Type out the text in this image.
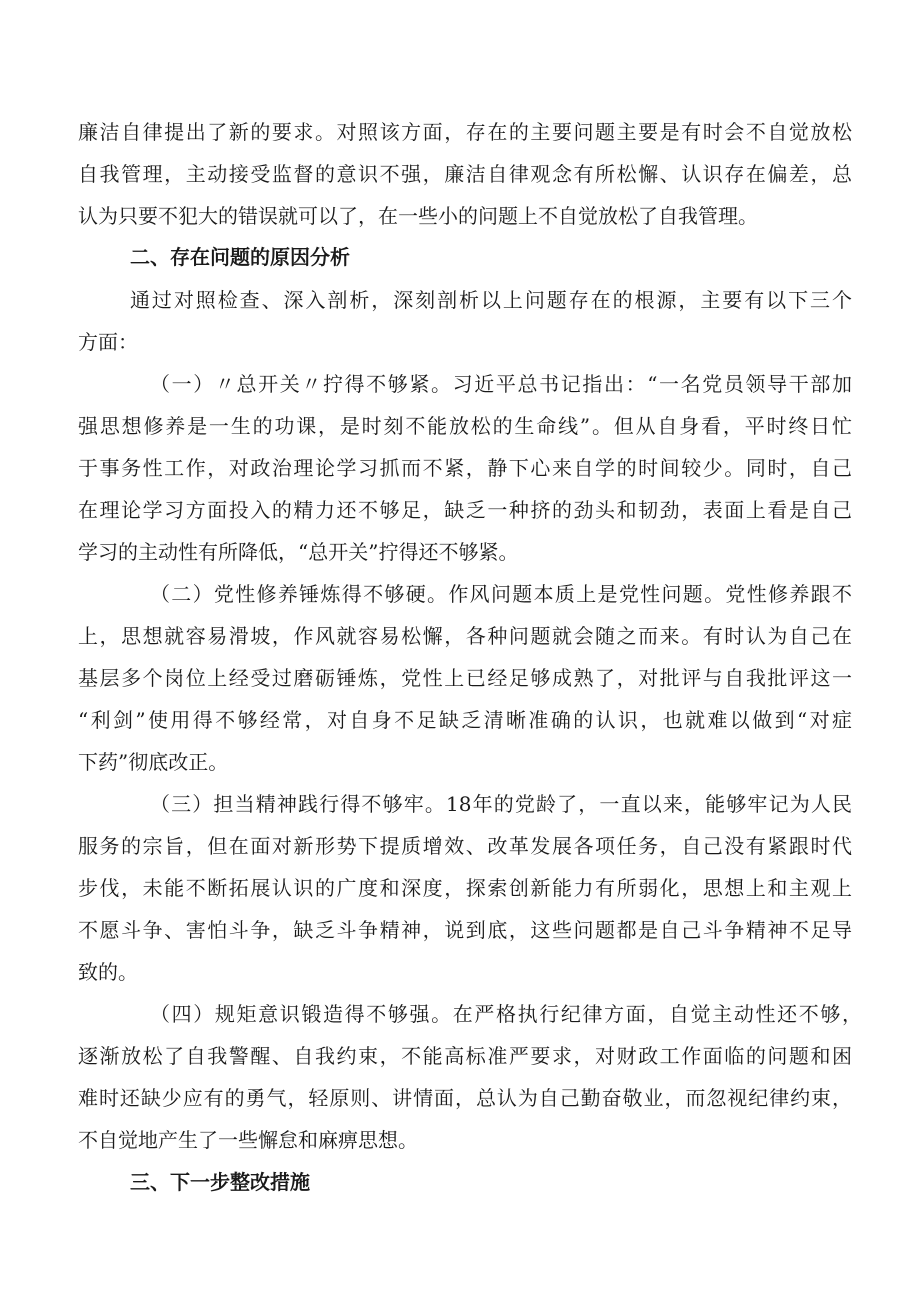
廉洁自律提出了新的要求。对照该方面，存在的主要问题主要是有时会不自觉放松
自我管理，主动接受监督的意识不强，廉洁自律观念有所松懈、认识存在偏差，总
认为只要不犯大的错误就可以了，在一些小的问题上不自觉放松了自我管理。
二、存在问题的原因分析
通过对照检查、深入剖析，深刻剖析以上问题存在的根源，主要有以下三个
方面：
（一）〃总开关〃拧得不够紧。习近平总书记指出：“一名党员领导干部加
强思想修养是一生的功课，是时刻不能放松的生命线”。但从自身看，平时终日忙
于事务性工作，对政治理论学习抓而不紧，静下心来自学的时间较少。同时，自己
在理论学习方面投入的精力还不够足，缺乏一种挤的劲头和韧劲，表面上看是自己
学习的主动性有所降低，“总开关”拧得还不够紧。
（二）党性修养锤炼得不够硬。作风问题本质上是党性问题。党性修养跟不
上，思想就容易滑坡，作风就容易松懈，各种问题就会随之而来。有时认为自己在
基层多个岗位上经受过磨砺锤炼，党性上已经足够成熟了，对批评与自我批评这一
“利剑”使用得不够经常，对自身不足缺乏清晰准确的认识，也就难以做到“对症
下药”彻底改正。
（三）担当精神践行得不够牢。18年的党龄了，一直以来，能够牢记为人民
服务的宗旨，但在面对新形势下提质增效、改革发展各项任务，自己没有紧跟时代
步伐，未能不断拓展认识的广度和深度，探索创新能力有所弱化，思想上和主观上
不愿斗争、害怕斗争，缺乏斗争精神，说到底，这些问题都是自己斗争精神不足导
致的。
（四）规矩意识锻造得不够强。在严格执行纪律方面，自觉主动性还不够，
逐渐放松了自我警醒、自我约束，不能高标准严要求，对财政工作面临的问题和困
难时还缺少应有的勇气，轻原则、讲情面，总认为自己勤奋敬业，而忽视纪律约束，
不自觉地产生了一些懈怠和麻痹思想。
三、下一步整改措施
